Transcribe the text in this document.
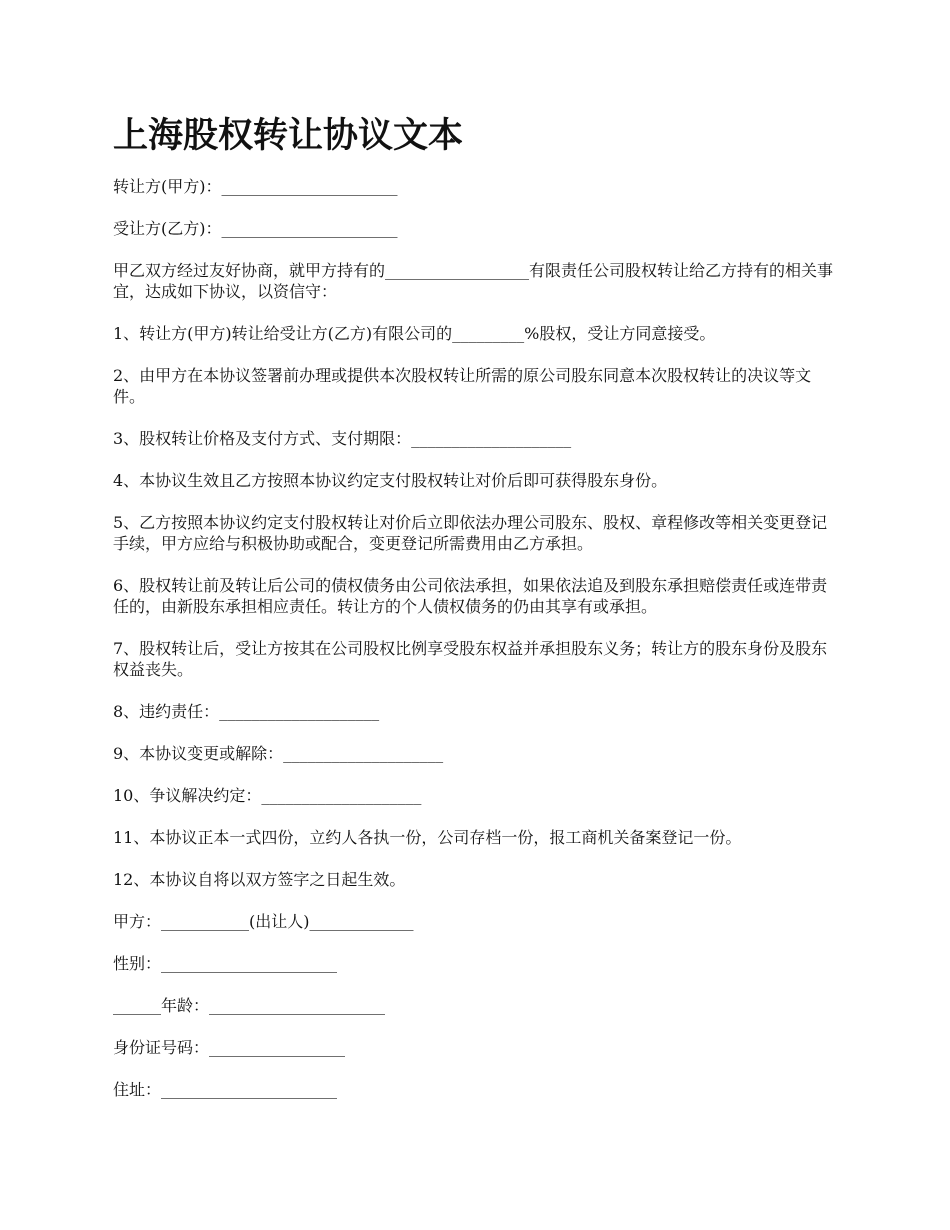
上海股权转让协议文本

转让方(甲方)：______________________

受让方(乙方)：______________________

甲乙双方经过友好协商，就甲方持有的__________________有限责任公司股权转让给乙方持有的相关事宜，达成如下协议，以资信守：

1、转让方(甲方)转让给受让方(乙方)有限公司的_________%股权，受让方同意接受。

2、由甲方在本协议签署前办理或提供本次股权转让所需的原公司股东同意本次股权转让的决议等文件。

3、股权转让价格及支付方式、支付期限：____________________

4、本协议生效且乙方按照本协议约定支付股权转让对价后即可获得股东身份。

5、乙方按照本协议约定支付股权转让对价后立即依法办理公司股东、股权、章程修改等相关变更登记手续，甲方应给与积极协助或配合，变更登记所需费用由乙方承担。

6、股权转让前及转让后公司的债权债务由公司依法承担，如果依法追及到股东承担赔偿责任或连带责任的，由新股东承担相应责任。转让方的个人债权债务的仍由其享有或承担。

7、股权转让后，受让方按其在公司股权比例享受股东权益并承担股东义务；转让方的股东身份及股东权益丧失。

8、违约责任：____________________

9、本协议变更或解除：____________________

10、争议解决约定：____________________

11、本协议正本一式四份，立约人各执一份，公司存档一份，报工商机关备案登记一份。

12、本协议自将以双方签字之日起生效。

甲方：___________(出让人)_____________

性别：______________________

______年龄：______________________

身份证号码：_________________

住址：______________________
